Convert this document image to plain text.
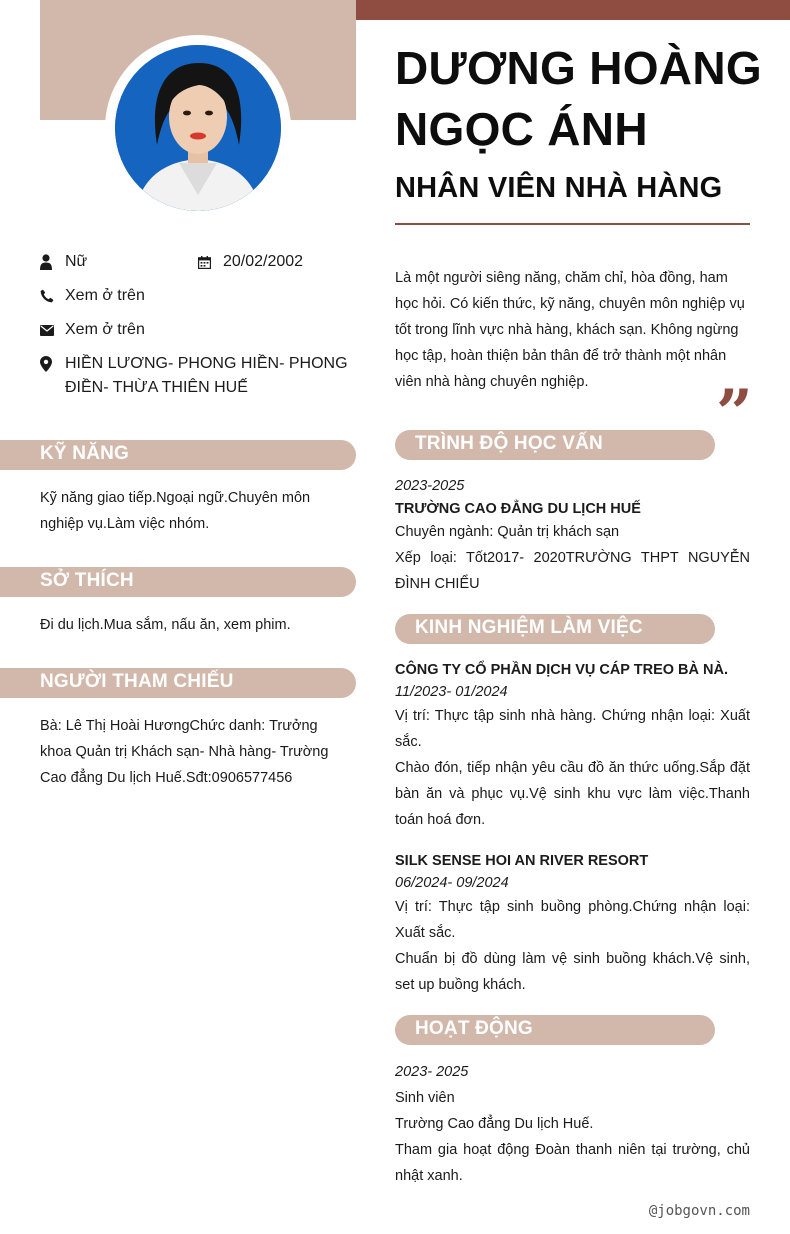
DƯƠNG HOÀNG NGỌC ÁNH
NHÂN VIÊN NHÀ HÀNG
Nữ	20/02/2002
Xem ở trên
Xem ở trên
HIỀN LƯƠNG- PHONG HIỀN- PHONG ĐIỀN- THỪA THIÊN HUẾ
KỸ NĂNG
Kỹ năng giao tiếp.Ngoại ngữ.Chuyên môn nghiệp vụ.Làm việc nhóm.
SỞ THÍCH
Đi du lịch.Mua sắm, nấu ăn, xem phim.
NGƯỜI THAM CHIẾU
Bà: Lê Thị Hoài HươngChức danh: Trưởng khoa Quản trị Khách sạn- Nhà hàng- Trường Cao đẳng Du lịch Huế.Sđt:0906577456
Là một người siêng năng, chăm chỉ, hòa đồng, ham học hỏi. Có kiến thức, kỹ năng, chuyên môn nghiệp vụ tốt trong lĩnh vực nhà hàng, khách sạn. Không ngừng học tập, hoàn thiện bản thân để trở thành một nhân viên nhà hàng chuyên nghiệp.	”
TRÌNH ĐỘ HỌC VẤN
2023-2025
TRƯỜNG CAO ĐẲNG DU LỊCH HUẾ
Chuyên ngành: Quản trị khách sạn
Xếp loại: Tốt2017- 2020TRƯỜNG THPT NGUYỄN ĐÌNH CHIỂU
KINH NGHIỆM LÀM VIỆC
CÔNG TY CỔ PHẦN DỊCH VỤ CÁP TREO BÀ NÀ.
11/2023- 01/2024
Vị trí: Thực tập sinh nhà hàng. Chứng nhận loại: Xuất sắc.
Chào đón, tiếp nhận yêu cầu đồ ăn thức uống.Sắp đặt bàn ăn và phục vụ.Vệ sinh khu vực làm việc.Thanh toán hoá đơn.
SILK SENSE HOI AN RIVER RESORT
06/2024- 09/2024
Vị trí: Thực tập sinh buồng phòng.Chứng nhận loại: Xuất sắc.
Chuẩn bị đồ dùng làm vệ sinh buồng khách.Vệ sinh, set up buồng khách.
HOẠT ĐỘNG
2023- 2025
Sinh viên
Trường Cao đẳng Du lịch Huế.
Tham gia hoạt động Đoàn thanh niên tại trường, chủ nhật xanh.
@jobgovn.com
